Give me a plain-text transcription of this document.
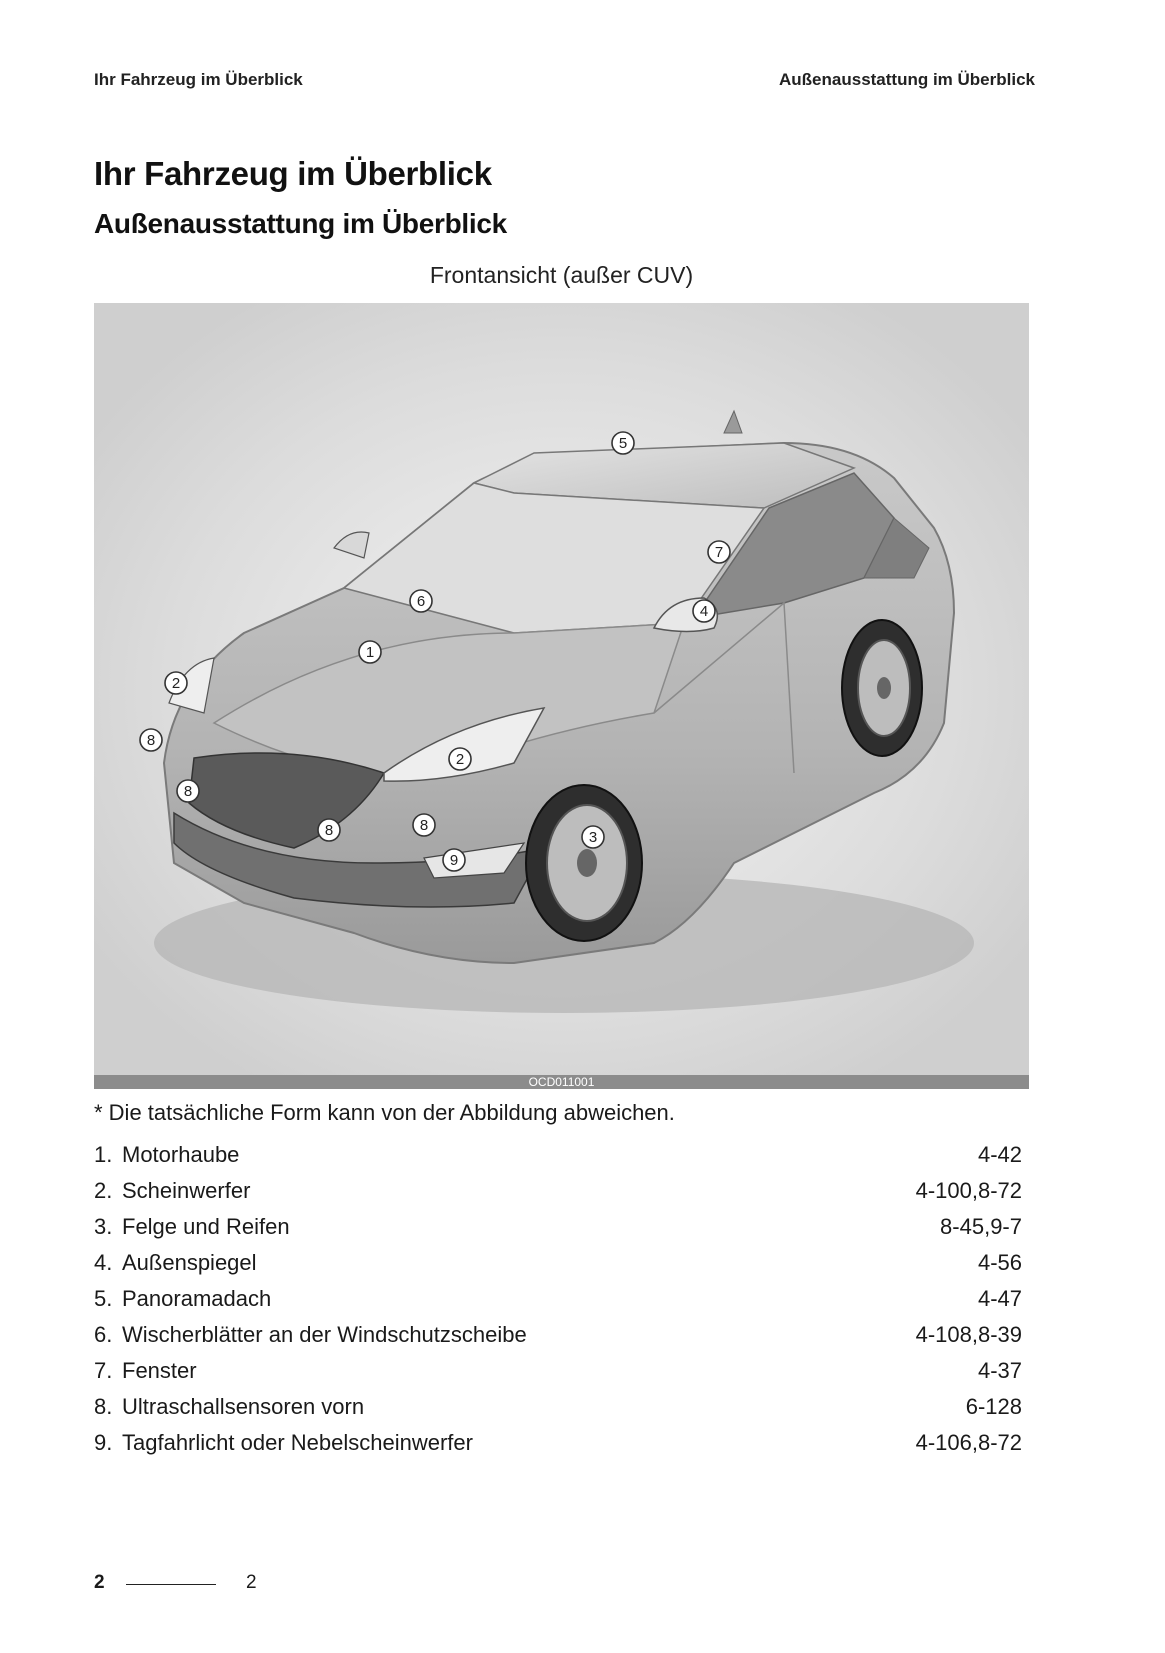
Ihr Fahrzeug im Überblick	Außenausstattung im Überblick
Ihr Fahrzeug im Überblick
Außenausstattung im Überblick
Frontansicht (außer CUV)
5
7
6
4
1
2
8
2
8
8	8
3
9
OCD011001
* Die tatsächliche Form kann von der Abbildung abweichen.
1. Motorhaube	4-42
2. Scheinwerfer	4-100,8-72
3. Felge und Reifen	8-45,9-7
4. Außenspiegel	4-56
5. Panoramadach	4-47
6. Wischerblätter an der Windschutzscheibe	4-108,8-39
7. Fenster	4-37
8. Ultraschallsensoren vorn	6-128
9. Tagfahrlicht oder Nebelscheinwerfer	4-106,8-72
2	2
